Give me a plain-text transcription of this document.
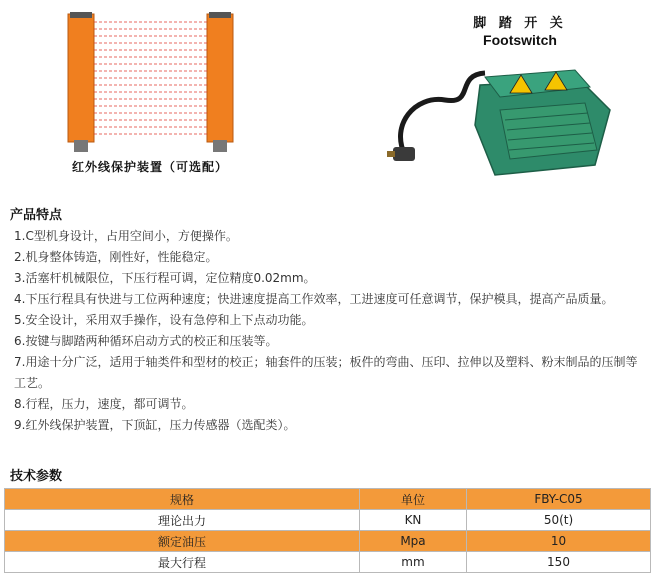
红外线保护装置（可选配）
脚 踏 开 关
Footswitch
产品特点
1.C型机身设计，占用空间小，方便操作。
2.机身整体铸造，刚性好，性能稳定。
3.活塞杆机械限位，下压行程可调，定位精度0.02mm。
4.下压行程具有快进与工位两种速度；快进速度提高工作效率，工进速度可任意调节，保护模具，提高产品质量。
5.安全设计，采用双手操作，设有急停和上下点动功能。
6.按键与脚踏两种循环启动方式的校正和压装等。
7.用途十分广泛，适用于轴类件和型材的校正；轴套件的压装；板件的弯曲、压印、拉伸以及塑料、粉末制品的压制等工艺。
8.行程，压力，速度，都可调节。
9.红外线保护装置，下顶缸，压力传感器（选配类）。
技术参数
规格	单位	FBY-C05
理论出力	KN	50(t)
额定油压	Mpa	10
最大行程	mm	150
